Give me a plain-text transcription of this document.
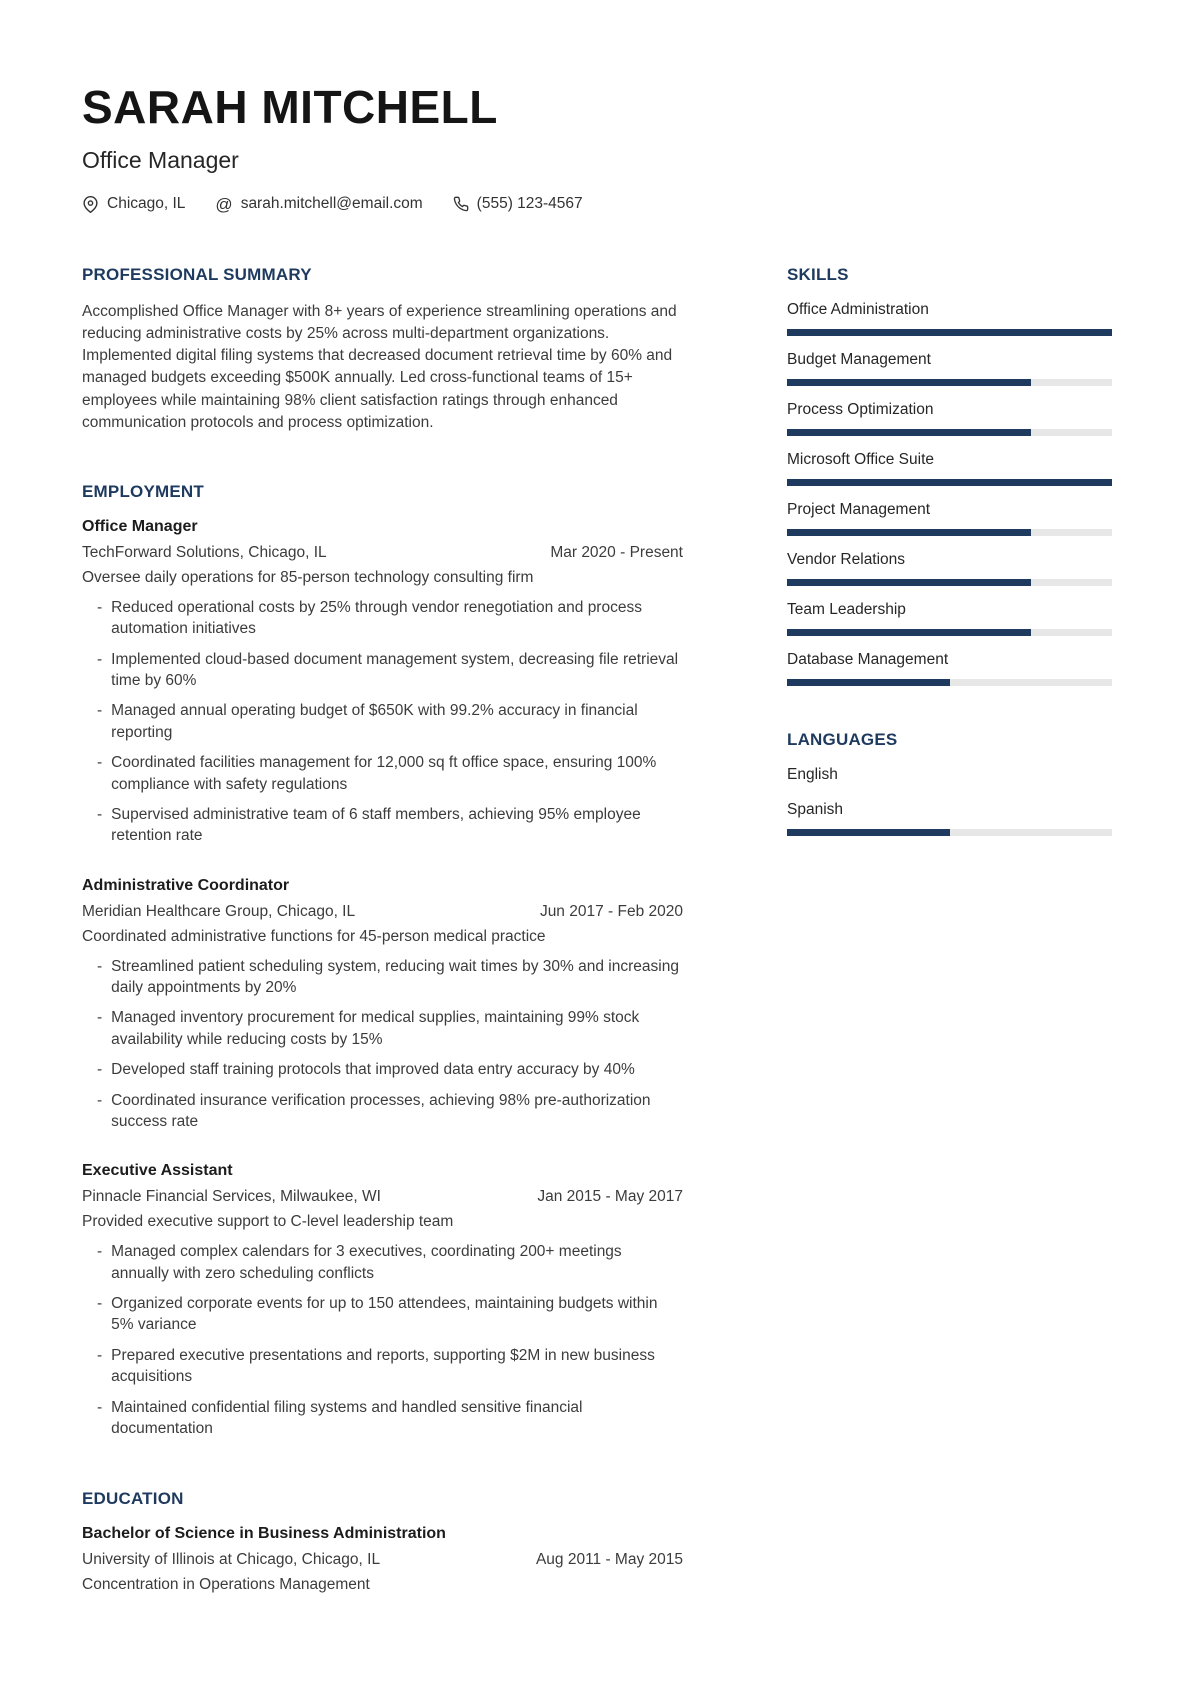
SARAH MITCHELL
Office Manager
Chicago, IL @ sarah.mitchell@email.com	(555) 123-4567
PROFESSIONAL SUMMARY
Accomplished Office Manager with 8+ years of experience streamlining operations and reducing administrative costs by 25% across multi-department organizations. Implemented digital filing systems that decreased document retrieval time by 60% and managed budgets exceeding $500K annually. Led cross-functional teams of 15+ employees while maintaining 98% client satisfaction ratings through enhanced communication protocols and process optimization.
EMPLOYMENT
Office Manager
TechForward Solutions, Chicago, IL	Mar 2020 - Present
Oversee daily operations for 85-person technology consulting firm
- Reduced operational costs by 25% through vendor renegotiation and process automation initiatives
- Implemented cloud-based document management system, decreasing file retrieval time by 60%
- Managed annual operating budget of $650K with 99.2% accuracy in financial reporting
- Coordinated facilities management for 12,000 sq ft office space, ensuring 100% compliance with safety regulations
- Supervised administrative team of 6 staff members, achieving 95% employee retention rate
Administrative Coordinator
Meridian Healthcare Group, Chicago, IL	Jun 2017 - Feb 2020
Coordinated administrative functions for 45-person medical practice
- Streamlined patient scheduling system, reducing wait times by 30% and increasing daily appointments by 20%
- Managed inventory procurement for medical supplies, maintaining 99% stock availability while reducing costs by 15%
- Developed staff training protocols that improved data entry accuracy by 40%
- Coordinated insurance verification processes, achieving 98% pre-authorization success rate
Executive Assistant
Pinnacle Financial Services, Milwaukee, WI	Jan 2015 - May 2017
Provided executive support to C-level leadership team
- Managed complex calendars for 3 executives, coordinating 200+ meetings annually with zero scheduling conflicts
- Organized corporate events for up to 150 attendees, maintaining budgets within 5% variance
- Prepared executive presentations and reports, supporting $2M in new business acquisitions
- Maintained confidential filing systems and handled sensitive financial documentation
EDUCATION
Bachelor of Science in Business Administration
University of Illinois at Chicago, Chicago, IL	Aug 2011 - May 2015
Concentration in Operations Management
SKILLS
Office Administration
Budget Management
Process Optimization
Microsoft Office Suite
Project Management
Vendor Relations
Team Leadership
Database Management
LANGUAGES
English
Spanish
